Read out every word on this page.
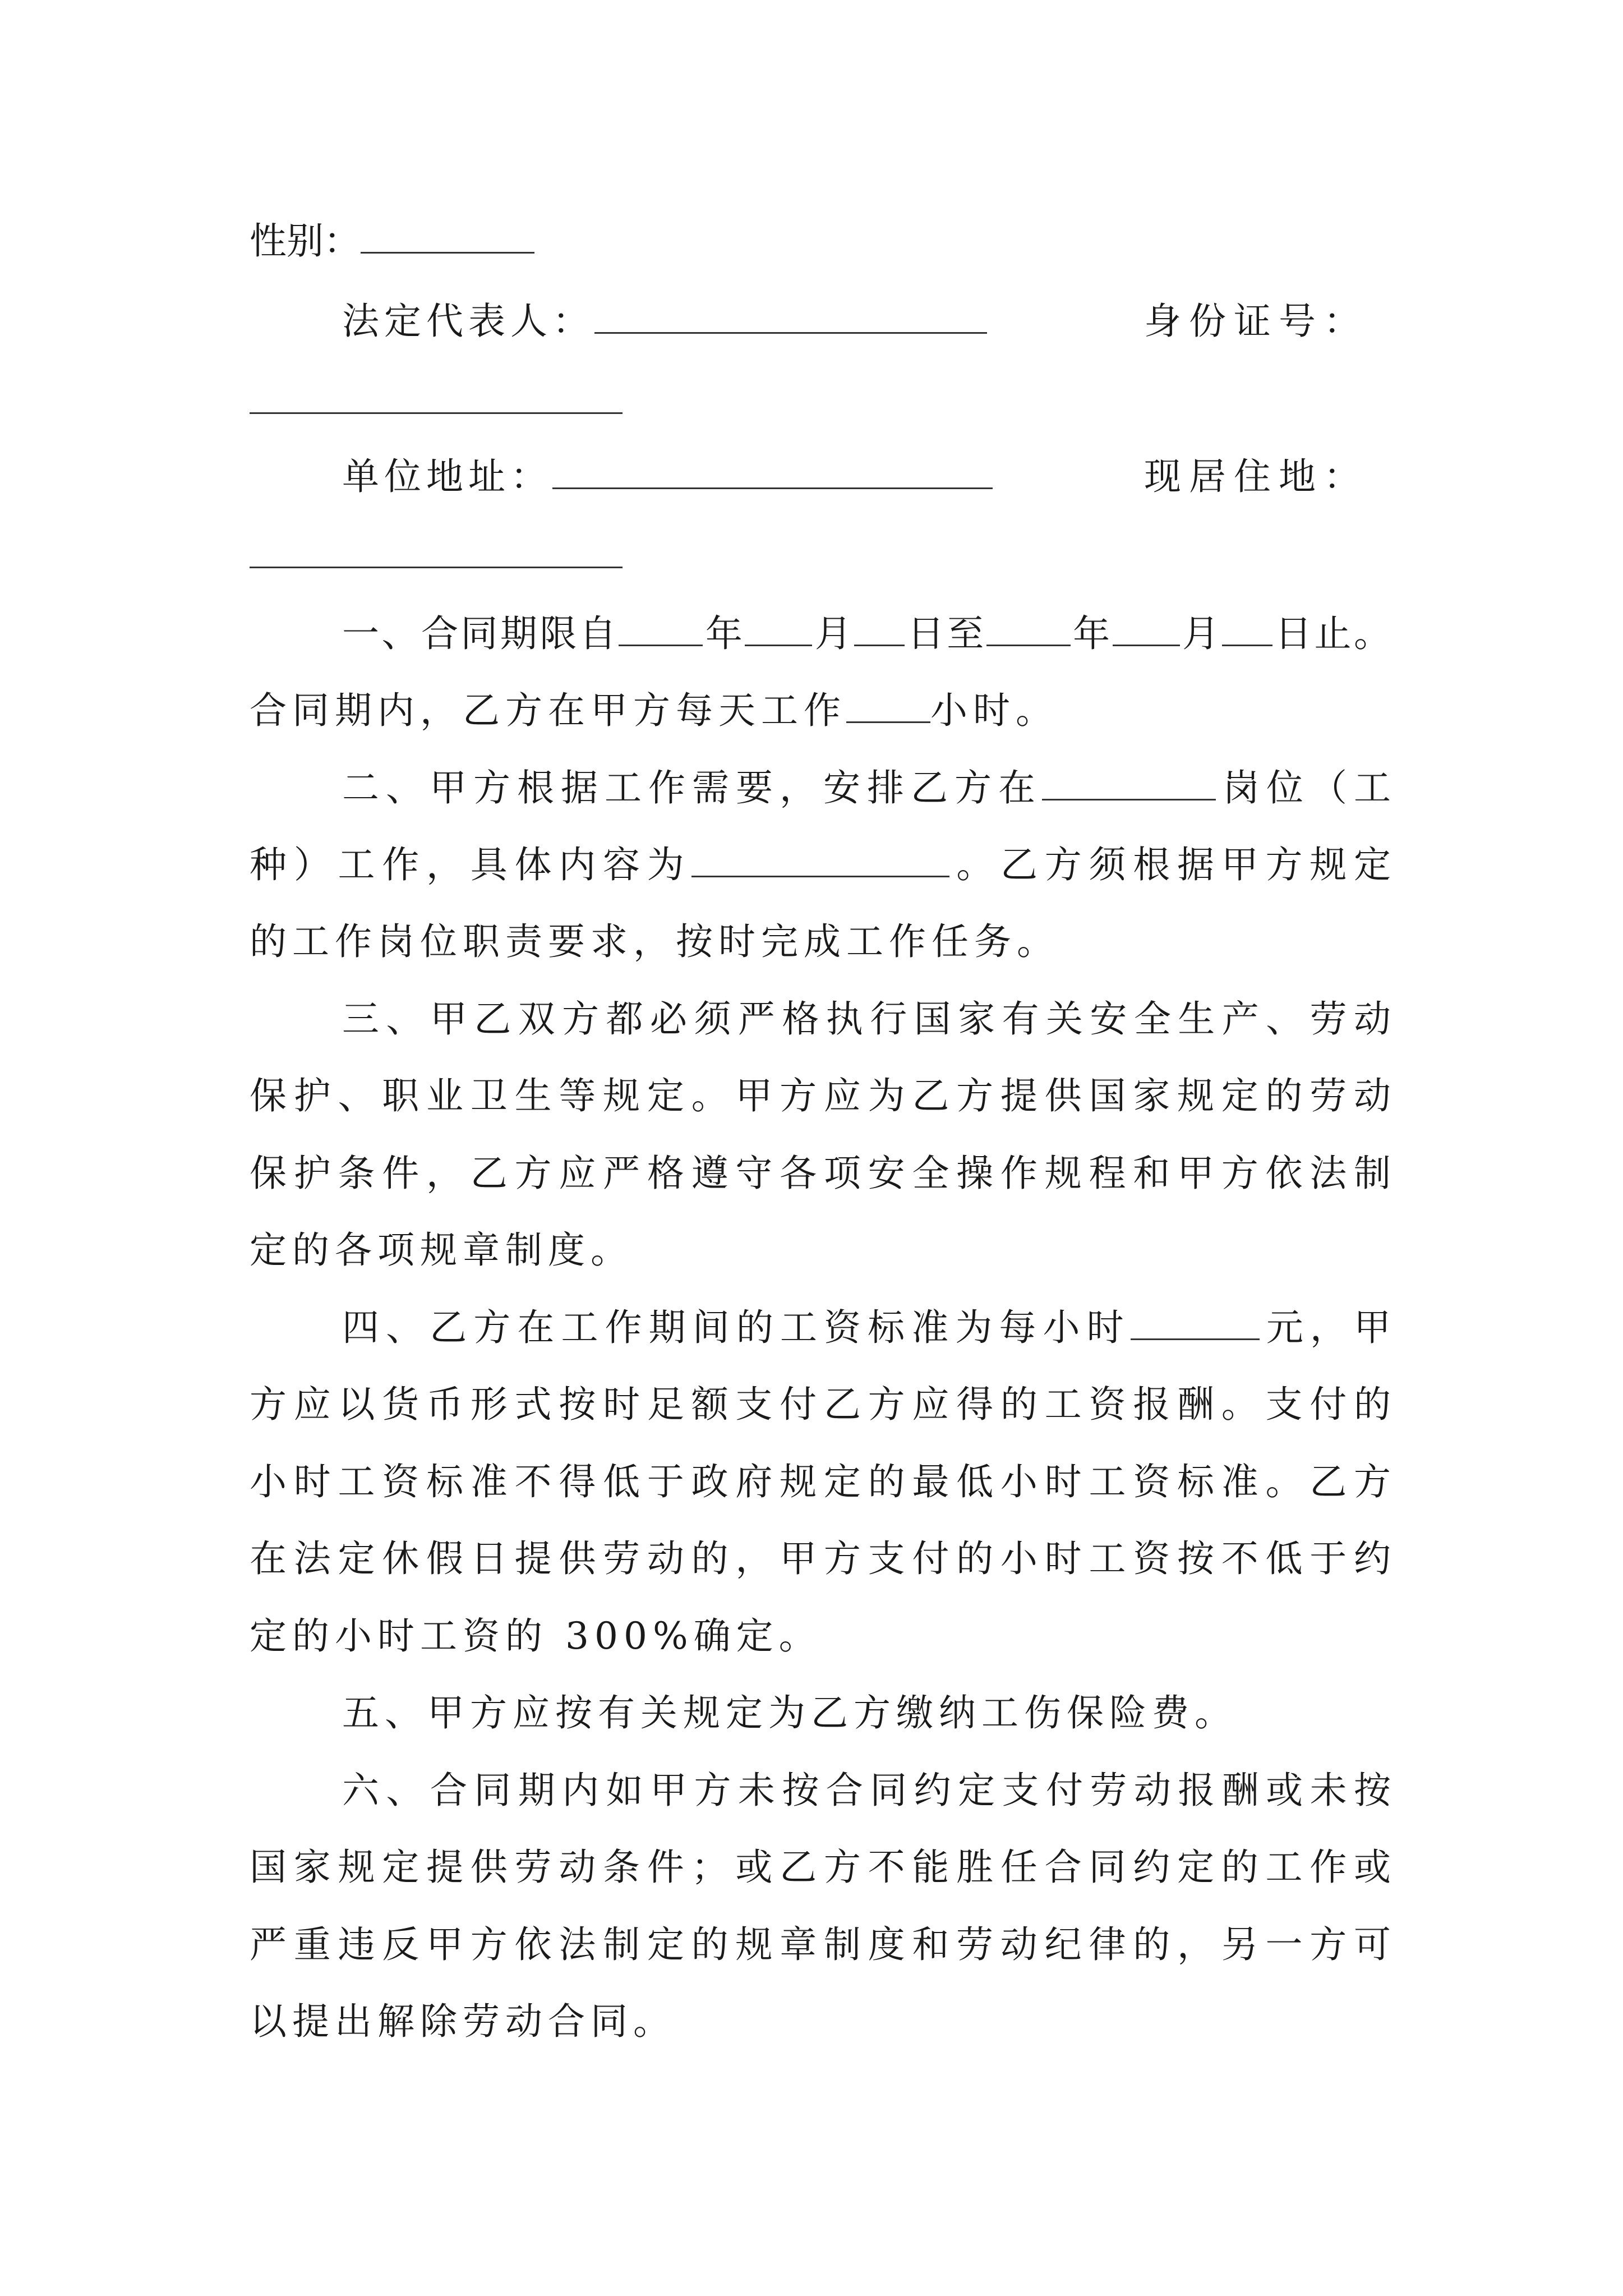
性别：
法定代表人：	身份证号：
单位地址：	现居住地：
一、合同期限自 年 月 日至 年 月 日止。
合同期内，乙方在甲方每天工作 小时。
二、甲方根据工作需要，安排乙方在	岗位（工
种）工作，具体内容为	。乙方须根据甲方规定
的工作岗位职责要求，按时完成工作任务。
三、甲乙双方都必须严格执行国家有关安全生产、劳动
保护、职业卫生等规定。甲方应为乙方提供国家规定的劳动
保护条件，乙方应严格遵守各项安全操作规程和甲方依法制
定的各项规章制度。
四、乙方在工作期间的工资标准为每小时	元，甲
方应以货币形式按时足额支付乙方应得的工资报酬。支付的
小时工资标准不得低于政府规定的最低小时工资标准。乙方
在法定休假日提供劳动的，甲方支付的小时工资按不低于约
定的小时工资的 300%确定。
五、甲方应按有关规定为乙方缴纳工伤保险费。
六、合同期内如甲方未按合同约定支付劳动报酬或未按
国家规定提供劳动条件；或乙方不能胜任合同约定的工作或
严重违反甲方依法制定的规章制度和劳动纪律的，另一方可
以提出解除劳动合同。
